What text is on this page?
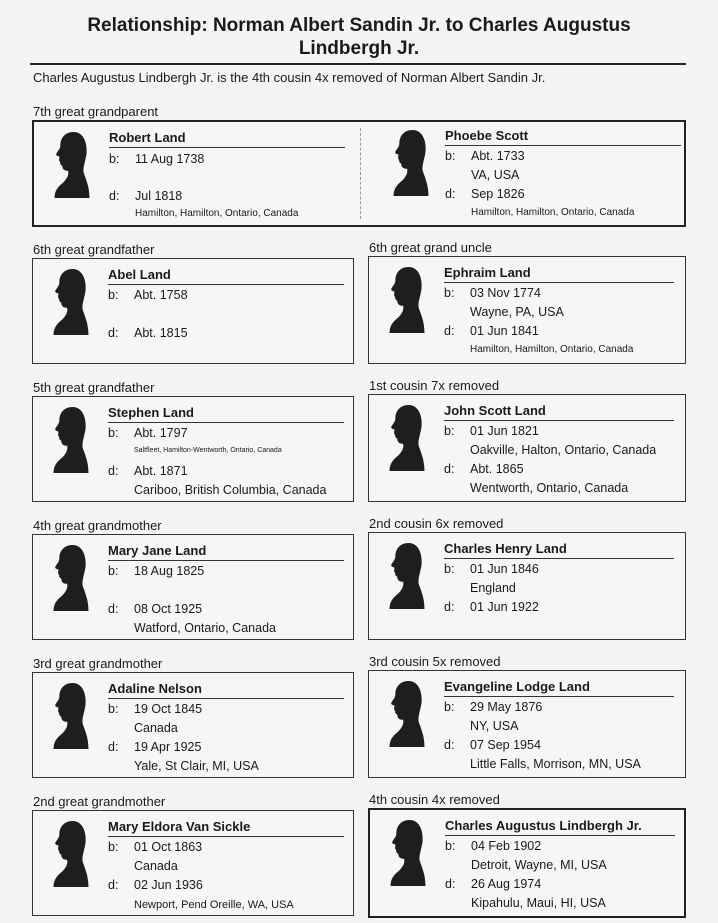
Relationship: Norman Albert Sandin Jr. to Charles Augustus
Lindbergh Jr.
Charles Augustus Lindbergh Jr. is the 4th cousin 4x removed of Norman Albert Sandin Jr.
7th great grandparent
Robert Land
b: 11 Aug 1738
d: Jul 1818
Hamilton, Hamilton, Ontario, Canada
Phoebe Scott
b: Abt. 1733
VA, USA
d: Sep 1826
Hamilton, Hamilton, Ontario, Canada
6th great grandfather	6th great grand uncle
Abel Land
b: Abt. 1758
d: Abt. 1815
Ephraim Land
b: 03 Nov 1774
Wayne, PA, USA
d: 01 Jun 1841
Hamilton, Hamilton, Ontario, Canada
5th great grandfather	1st cousin 7x removed
Stephen Land
b: Abt. 1797
Saltfleet, Hamilton-Wentworth, Ontario, Canada
d: Abt. 1871
Cariboo, British Columbia, Canada
John Scott Land
b: 01 Jun 1821
Oakville, Halton, Ontario, Canada
d: Abt. 1865
Wentworth, Ontario, Canada
4th great grandmother	2nd cousin 6x removed
Mary Jane Land
b: 18 Aug 1825
d: 08 Oct 1925
Watford, Ontario, Canada
Charles Henry Land
b: 01 Jun 1846
England
d: 01 Jun 1922
3rd great grandmother	3rd cousin 5x removed
Adaline Nelson
b: 19 Oct 1845
Canada
d: 19 Apr 1925
Yale, St Clair, MI, USA
Evangeline Lodge Land
b: 29 May 1876
NY, USA
d: 07 Sep 1954
Little Falls, Morrison, MN, USA
2nd great grandmother	4th cousin 4x removed
Mary Eldora Van Sickle
b: 01 Oct 1863
Canada
d: 02 Jun 1936
Newport, Pend Oreille, WA, USA
Charles Augustus Lindbergh Jr.
b: 04 Feb 1902
Detroit, Wayne, MI, USA
d: 26 Aug 1974
Kipahulu, Maui, HI, USA
